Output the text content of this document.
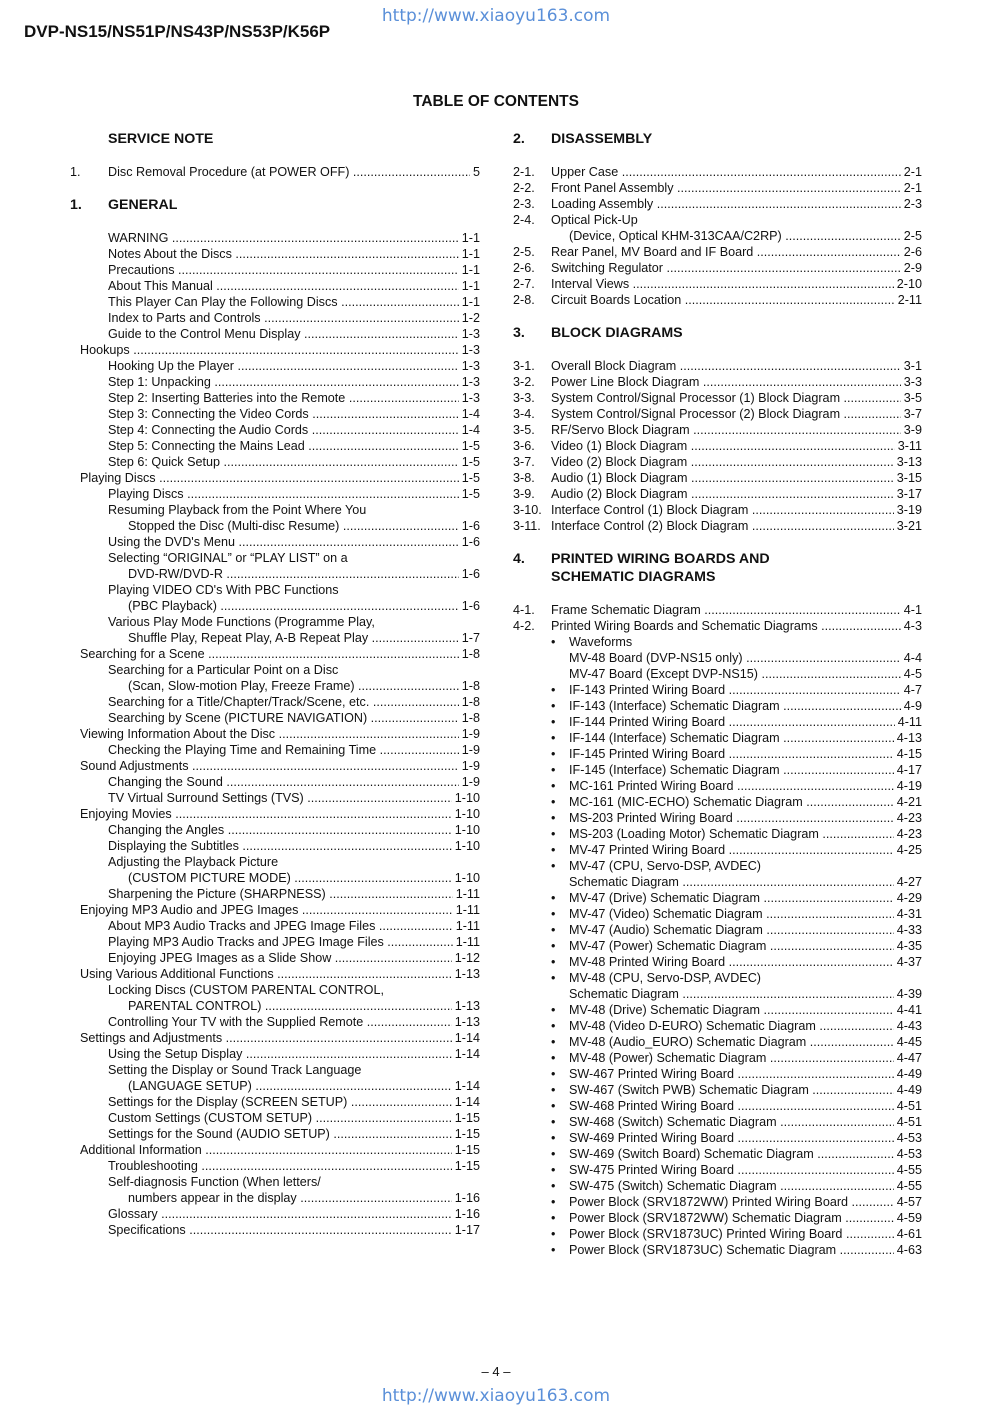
http://www.xiaoyu163.com
DVP-NS15/NS51P/NS43P/NS53P/K56P
TABLE OF CONTENTS
SERVICE NOTE
1. Disc Removal Procedure (at POWER OFF) .....	5
1. GENERAL
WARNING .....	1-1
Notes About the Discs .....	1-1
Precautions .....	1-1
About This Manual .....	1-1
This Player Can Play the Following Discs .....	1-1
Index to Parts and Controls .....	1-2
Guide to the Control Menu Display .....	1-3
Hookups .....	1-3
Hooking Up the Player .....	1-3
Step 1: Unpacking .....	1-3
Step 2: Inserting Batteries into the Remote .....	1-3
Step 3: Connecting the Video Cords .....	1-4
Step 4: Connecting the Audio Cords .....	1-4
Step 5: Connecting the Mains Lead .....	1-5
Step 6: Quick Setup .....	1-5
Playing Discs .....	1-5
Playing Discs .....	1-5
Resuming Playback from the Point Where You
Stopped the Disc (Multi-disc Resume) .....	1-6
Using the DVD's Menu .....	1-6
Selecting “ORIGINAL” or “PLAY LIST” on a
DVD-RW/DVD-R .....	1-6
Playing VIDEO CD's With PBC Functions
(PBC Playback) .....	1-6
Various Play Mode Functions (Programme Play,
Shuffle Play, Repeat Play, A-B Repeat Play .....	1-7
Searching for a Scene .....	1-8
Searching for a Particular Point on a Disc
(Scan, Slow-motion Play, Freeze Frame) .....	1-8
Searching for a Title/Chapter/Track/Scene, etc. .....	1-8
Searching by Scene (PICTURE NAVIGATION) .....	1-8
Viewing Information About the Disc .....	1-9
Checking the Playing Time and Remaining Time .....	1-9
Sound Adjustments .....	1-9
Changing the Sound .....	1-9
TV Virtual Surround Settings (TVS) .....	1-10
Enjoying Movies .....	1-10
Changing the Angles .....	1-10
Displaying the Subtitles .....	1-10
Adjusting the Playback Picture
(CUSTOM PICTURE MODE) .....	1-10
Sharpening the Picture (SHARPNESS) .....	1-11
Enjoying MP3 Audio and JPEG Images .....	1-11
About MP3 Audio Tracks and JPEG Image Files .....	1-11
Playing MP3 Audio Tracks and JPEG Image Files .....	1-11
Enjoying JPEG Images as a Slide Show .....	1-12
Using Various Additional Functions .....	1-13
Locking Discs (CUSTOM PARENTAL CONTROL,
PARENTAL CONTROL) .....	1-13
Controlling Your TV with the Supplied Remote .....	1-13
Settings and Adjustments .....	1-14
Using the Setup Display .....	1-14
Setting the Display or Sound Track Language
(LANGUAGE SETUP) .....	1-14
Settings for the Display (SCREEN SETUP) .....	1-14
Custom Settings (CUSTOM SETUP) .....	1-15
Settings for the Sound (AUDIO SETUP) .....	1-15
Additional Information .....	1-15
Troubleshooting .....	1-15
Self-diagnosis Function (When letters/
numbers appear in the display .....	1-16
Glossary .....	1-16
Specifications .....	1-17
2. DISASSEMBLY
2-1. Upper Case .....	2-1
2-2. Front Panel Assembly .....	2-1
2-3. Loading Assembly .....	2-3
2-4. Optical Pick-Up
(Device, Optical KHM-313CAA/C2RP) .....	2-5
2-5. Rear Panel, MV Board and IF Board .....	2-6
2-6. Switching Regulator .....	2-9
2-7. Interval Views .....	2-10
2-8. Circuit Boards Location .....	2-11
3. BLOCK DIAGRAMS
3-1. Overall Block Diagram .....	3-1
3-2. Power Line Block Diagram .....	3-3
3-3. System Control/Signal Processor (1) Block Diagram .....	3-5
3-4. System Control/Signal Processor (2) Block Diagram .....	3-7
3-5. RF/Servo Block Diagram .....	3-9
3-6. Video (1) Block Diagram .....	3-11
3-7. Video (2) Block Diagram .....	3-13
3-8. Audio (1) Block Diagram .....	3-15
3-9. Audio (2) Block Diagram .....	3-17
3-10. Interface Control (1) Block Diagram .....	3-19
3-11. Interface Control (2) Block Diagram .....	3-21
4. PRINTED WIRING BOARDS AND
SCHEMATIC DIAGRAMS
4-1. Frame Schematic Diagram .....	4-1
4-2. Printed Wiring Boards and Schematic Diagrams .....	4-3
• Waveforms
MV-48 Board (DVP-NS15 only) .....	4-4
MV-47 Board (Except DVP-NS15) .....	4-5
• IF-143 Printed Wiring Board .....	4-7
• IF-143 (Interface) Schematic Diagram .....	4-9
• IF-144 Printed Wiring Board .....	4-11
• IF-144 (Interface) Schematic Diagram .....	4-13
• IF-145 Printed Wiring Board .....	4-15
• IF-145 (Interface) Schematic Diagram .....	4-17
• MC-161 Printed Wiring Board .....	4-19
• MC-161 (MIC-ECHO) Schematic Diagram .....	4-21
• MS-203 Printed Wiring Board .....	4-23
• MS-203 (Loading Motor) Schematic Diagram .....	4-23
• MV-47 Printed Wiring Board .....	4-25
• MV-47 (CPU, Servo-DSP, AVDEC)
Schematic Diagram .....	4-27
• MV-47 (Drive) Schematic Diagram .....	4-29
• MV-47 (Video) Schematic Diagram .....	4-31
• MV-47 (Audio) Schematic Diagram .....	4-33
• MV-47 (Power) Schematic Diagram .....	4-35
• MV-48 Printed Wiring Board .....	4-37
• MV-48 (CPU, Servo-DSP, AVDEC)
Schematic Diagram .....	4-39
• MV-48 (Drive) Schematic Diagram .....	4-41
• MV-48 (Video D-EURO) Schematic Diagram .....	4-43
• MV-48 (Audio_EURO) Schematic Diagram .....	4-45
• MV-48 (Power) Schematic Diagram .....	4-47
• SW-467 Printed Wiring Board .....	4-49
• SW-467 (Switch PWB) Schematic Diagram .....	4-49
• SW-468 Printed Wiring Board .....	4-51
• SW-468 (Switch) Schematic Diagram .....	4-51
• SW-469 Printed Wiring Board .....	4-53
• SW-469 (Switch Board) Schematic Diagram .....	4-53
• SW-475 Printed Wiring Board .....	4-55
• SW-475 (Switch) Schematic Diagram .....	4-55
• Power Block (SRV1872WW) Printed Wiring Board .....	4-57
• Power Block (SRV1872WW) Schematic Diagram .....	4-59
• Power Block (SRV1873UC) Printed Wiring Board .....	4-61
• Power Block (SRV1873UC) Schematic Diagram .....	4-63
– 4 –
http://www.xiaoyu163.com
